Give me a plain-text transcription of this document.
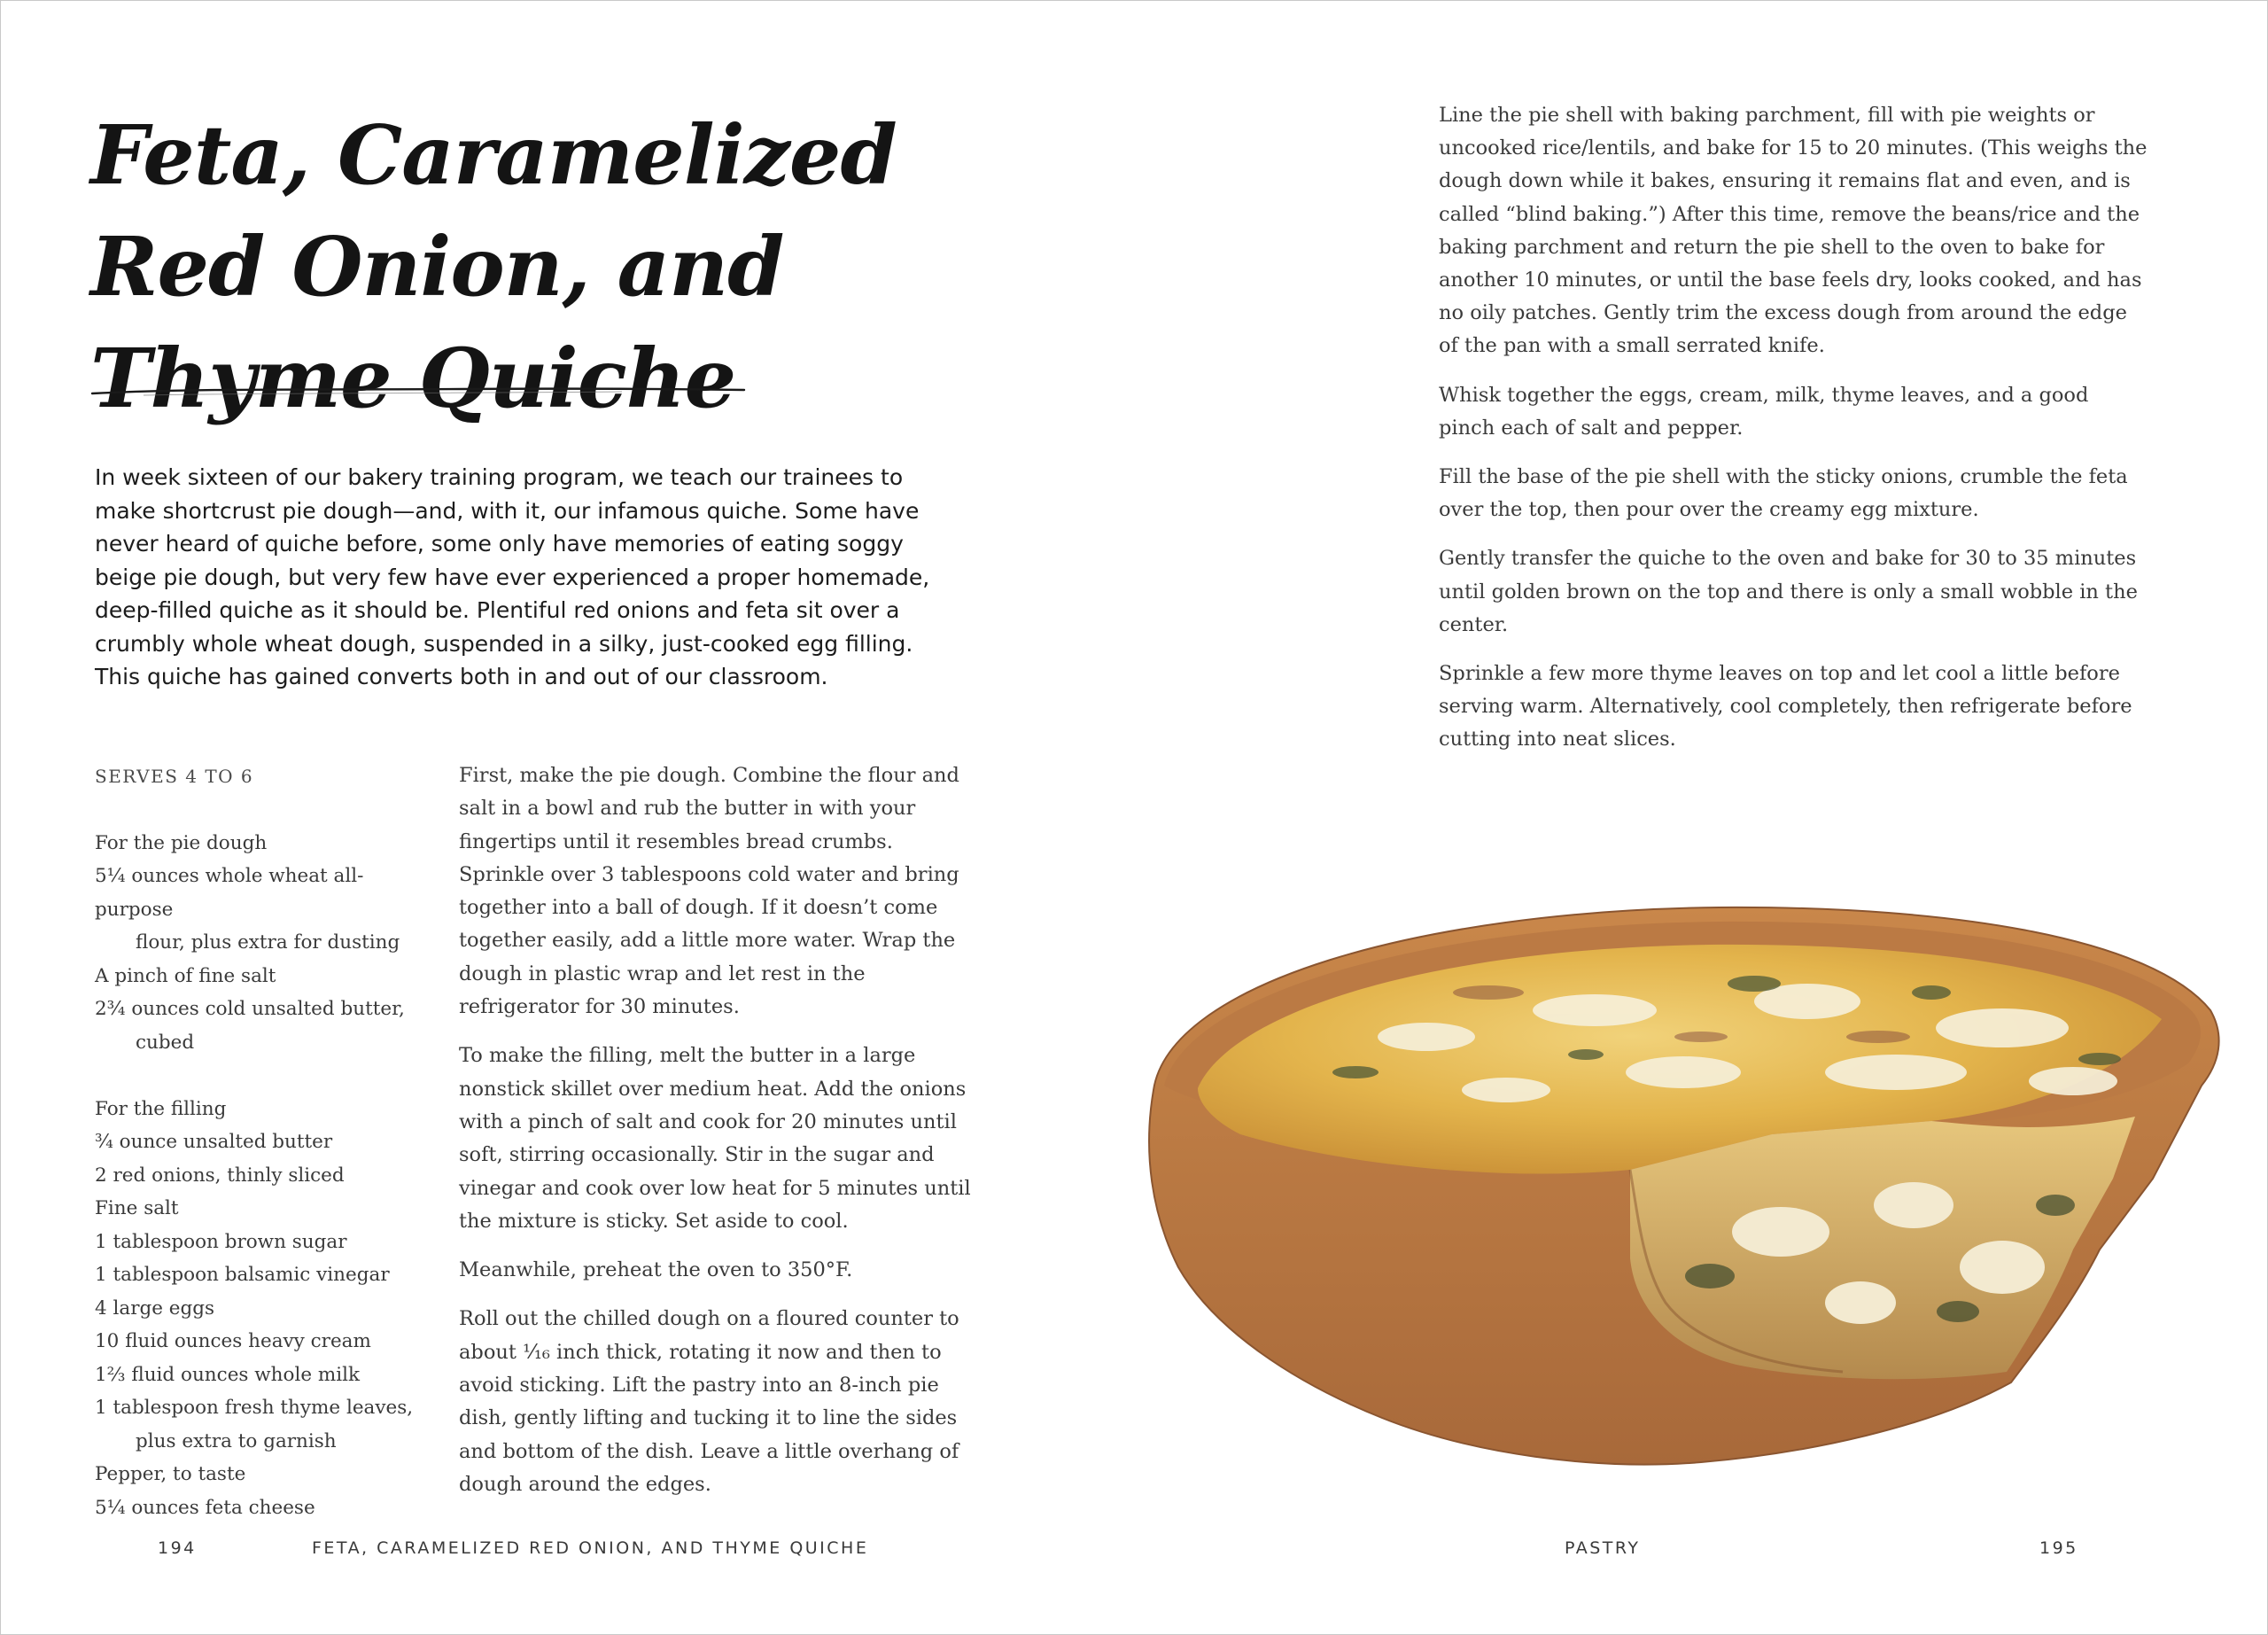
Feta, Caramelized
Red Onion, and
Thyme Quiche
In week sixteen of our bakery training program, we teach our trainees to make shortcrust pie dough—and, with it, our infamous quiche. Some have never heard of quiche before, some only have memories of eating soggy beige pie dough, but very few have ever experienced a proper homemade, deep-filled quiche as it should be. Plentiful red onions and feta sit over a crumbly whole wheat dough, suspended in a silky, just-cooked egg filling. This quiche has gained converts both in and out of our classroom.
SERVES 4 TO 6
For the pie dough
5¼ ounces whole wheat all-purpose
flour, plus extra for dusting
A pinch of fine salt
2¾ ounces cold unsalted butter,
cubed
For the filling
¾ ounce unsalted butter
2 red onions, thinly sliced
Fine salt
1 tablespoon brown sugar
1 tablespoon balsamic vinegar
4 large eggs
10 fluid ounces heavy cream
1⅔ fluid ounces whole milk
1 tablespoon fresh thyme leaves,
plus extra to garnish
Pepper, to taste
5¼ ounces feta cheese

First, make the pie dough. Combine the flour and salt in a bowl and rub the butter in with your fingertips until it resembles bread crumbs. Sprinkle over 3 tablespoons cold water and bring together into a ball of dough. If it doesn’t come together easily, add a little more water. Wrap the dough in plastic wrap and let rest in the refrigerator for 30 minutes.

To make the filling, melt the butter in a large nonstick skillet over medium heat. Add the onions with a pinch of salt and cook for 20 minutes until soft, stirring occasionally. Stir in the sugar and vinegar and cook over low heat for 5 minutes until the mixture is sticky. Set aside to cool.

Meanwhile, preheat the oven to 350°F.

Roll out the chilled dough on a floured counter to about ¹⁄₁₆ inch thick, rotating it now and then to avoid sticking. Lift the pastry into an 8-inch pie dish, gently lifting and tucking it to line the sides and bottom of the dish. Leave a little overhang of dough around the edges.

Line the pie shell with baking parchment, fill with pie weights or uncooked rice/lentils, and bake for 15 to 20 minutes. (This weighs the dough down while it bakes, ensuring it remains flat and even, and is called “blind baking.”) After this time, remove the beans/rice and the baking parchment and return the pie shell to the oven to bake for another 10 minutes, or until the base feels dry, looks cooked, and has no oily patches. Gently trim the excess dough from around the edge of the pan with a small serrated knife.

Whisk together the eggs, cream, milk, thyme leaves, and a good pinch each of salt and pepper.

Fill the base of the pie shell with the sticky onions, crumble the feta over the top, then pour over the creamy egg mixture.

Gently transfer the quiche to the oven and bake for 30 to 35 minutes until golden brown on the top and there is only a small wobble in the center.

Sprinkle a few more thyme leaves on top and let cool a little before serving warm. Alternatively, cool completely, then refrigerate before cutting into neat slices.

194	FETA, CARAMELIZED RED ONION, AND THYME QUICHE	PASTRY	195
